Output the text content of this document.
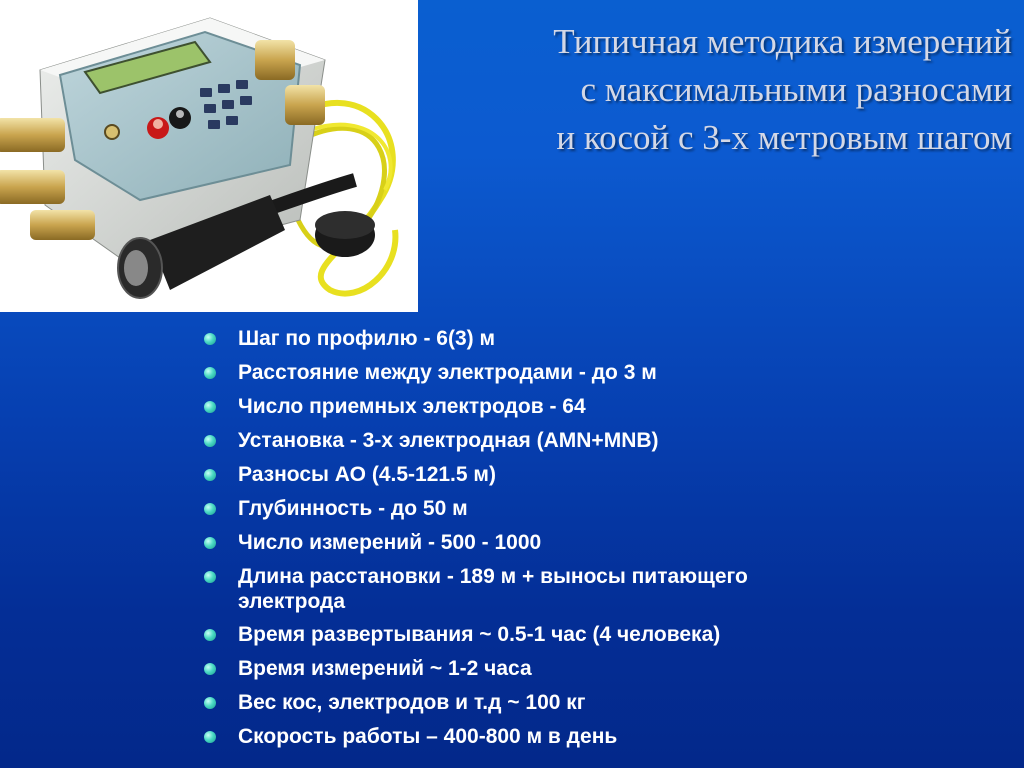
Типичная методика измерений
с максимальными разносами
и косой с 3-х метровым шагом
Шаг по профилю - 6(3) м
Расстояние между электродами - до 3 м
Число приемных электродов - 64
Установка - 3-х электродная (AMN+MNB)
Разносы АО (4.5-121.5 м)
Глубинность - до 50 м
Число измерений - 500 - 1000
Длина расстановки - 189 м + выносы питающего электрода
Время развертывания ~ 0.5-1 час (4 человека)
Время измерений ~ 1-2 часа
Вес кос, электродов и т.д ~ 100 кг
Скорость работы – 400-800 м в день
